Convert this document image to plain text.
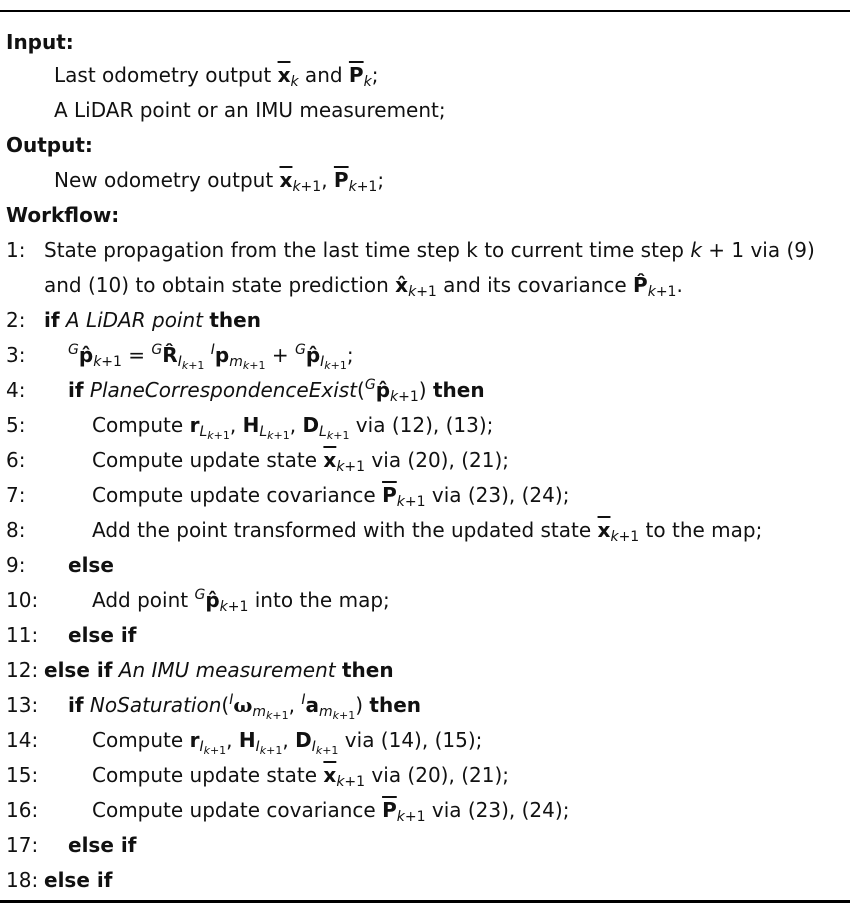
Input:
Last odometry output $\overline{x}_k$ and $\overline{P}_k$;
A LiDAR point or an IMU measurement;
Output:
New odometry output $\overline{x}_{k+1}$, $\overline{P}_{k+1}$;
Workflow:
1: State propagation from the last time step k to current time step k + 1 via (9)
and (10) to obtain state prediction $x̂_{k+1}$ and its covariance $P̂_{k+1}$.
2: if A LiDAR point then
3:	$^Gp̂_{k+1}$ = $^GR̂_{I_{k+1}}$ $^Ip_{m_{k+1}}$ + $^Gp̂_{I_{k+1}}$;
4: if $PlaneCorrespondenceExist(^Gp̂_{k+1})$ then
5:	Compute $r_{L_{k+1}}$, $H_{L_{k+1}}$, $D_{L_{k+1}}$ via (12), (13);
6:	Compute update state $\overline{x}_{k+1}$ via (20), (21);
7:	Compute update covariance $\overline{P}_{k+1}$ via (23), (24);
8:	Add the point transformed with the updated state $\overline{x}_{k+1}$ to the map;
9: else
10:	Add point $^Gp̂_{k+1}$ into the map;
11: else if
12: else if An IMU measurement then
13: if $NoSaturation(^I\omega_{m_{k+1}}$, $^Ia_{m_{k+1}}$) then
14:	Compute $r_{I_{k+1}}$, $H_{I_{k+1}}$, $D_{I_{k+1}}$ via (14), (15);
15:	Compute update state $\overline{x}_{k+1}$ via (20), (21);
16:	Compute update covariance $\overline{P}_{k+1}$ via (23), (24);
17: else if
18: else if
